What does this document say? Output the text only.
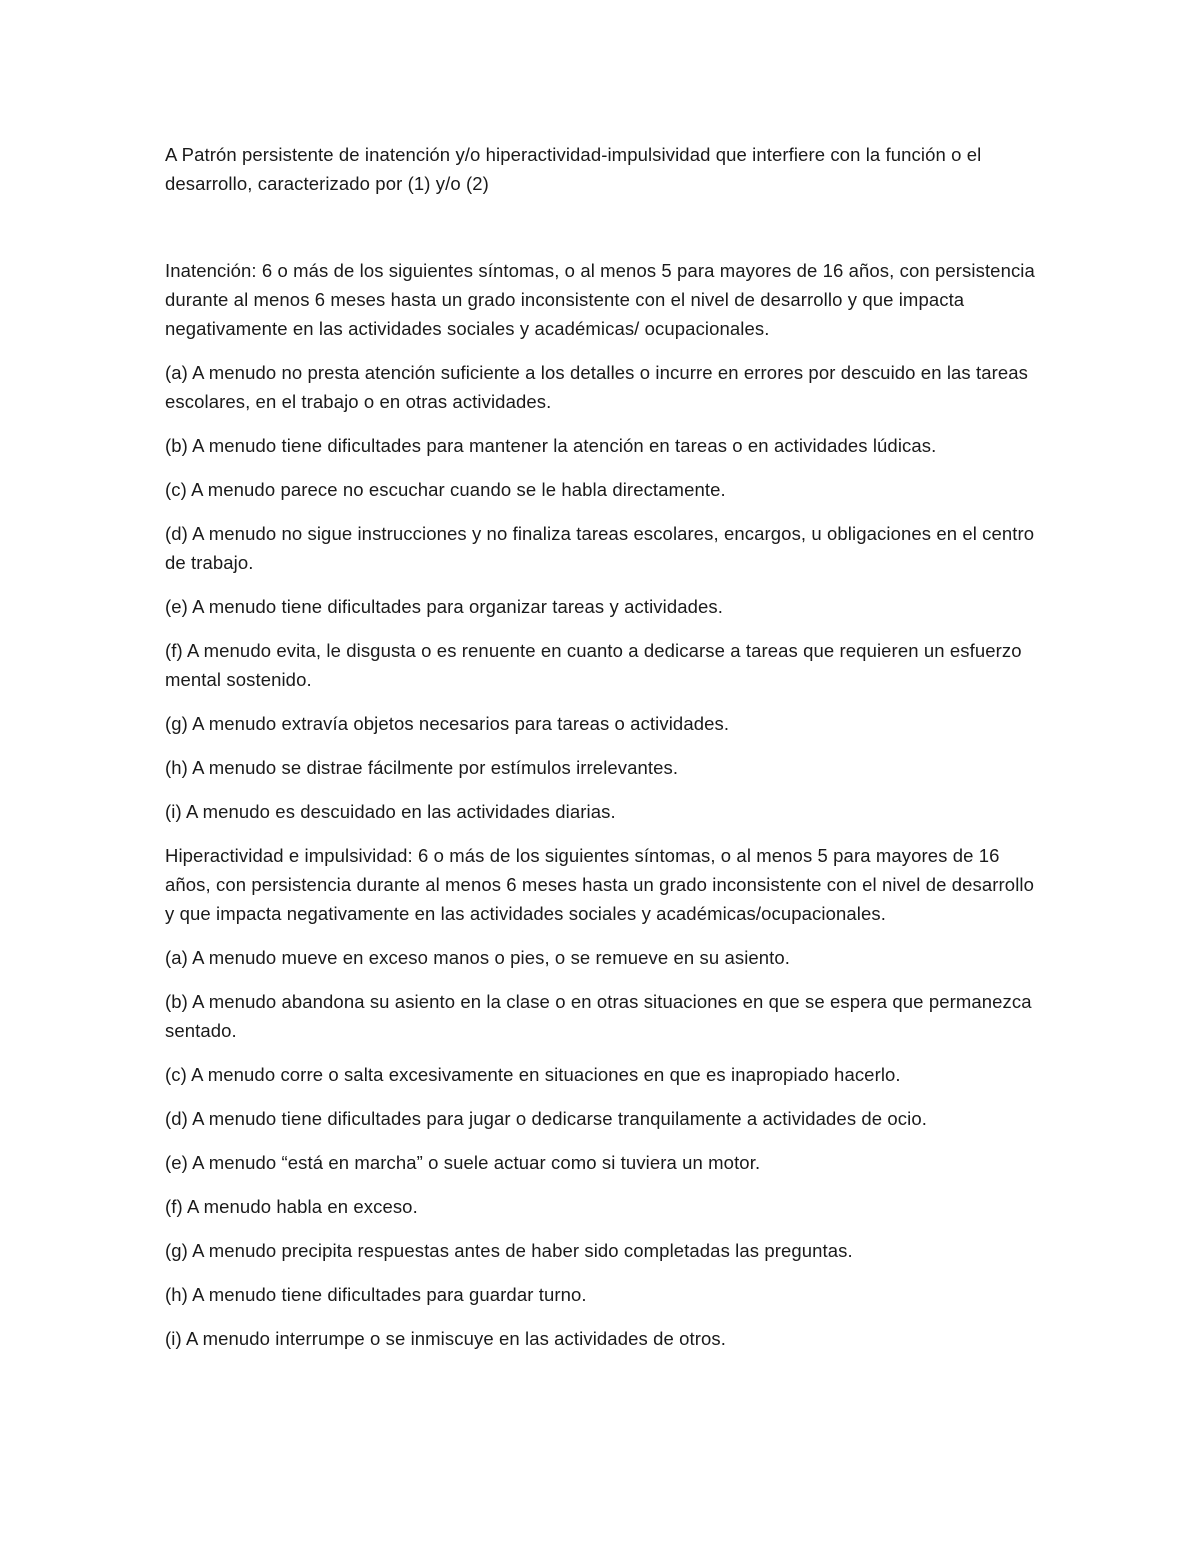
A Patrón persistente de inatención y/o hiperactividad-impulsividad que interfiere con la función o el desarrollo, caracterizado por (1) y/o (2)

Inatención: 6 o más de los siguientes síntomas, o al menos 5 para mayores de 16 años, con persistencia durante al menos 6 meses hasta un grado inconsistente con el nivel de desarrollo y que impacta negativamente en las actividades sociales y académicas/ ocupacionales.

(a) A menudo no presta atención suficiente a los detalles o incurre en errores por descuido en las tareas escolares, en el trabajo o en otras actividades.

(b) A menudo tiene dificultades para mantener la atención en tareas o en actividades lúdicas.

(c) A menudo parece no escuchar cuando se le habla directamente.

(d) A menudo no sigue instrucciones y no finaliza tareas escolares, encargos, u obligaciones en el centro de trabajo.

(e) A menudo tiene dificultades para organizar tareas y actividades.

(f) A menudo evita, le disgusta o es renuente en cuanto a dedicarse a tareas que requieren un esfuerzo mental sostenido.

(g) A menudo extravía objetos necesarios para tareas o actividades.

(h) A menudo se distrae fácilmente por estímulos irrelevantes.

(i) A menudo es descuidado en las actividades diarias.

Hiperactividad e impulsividad: 6 o más de los siguientes síntomas, o al menos 5 para mayores de 16 años, con persistencia durante al menos 6 meses hasta un grado inconsistente con el nivel de desarrollo y que impacta negativamente en las actividades sociales y académicas/ocupacionales.

(a) A menudo mueve en exceso manos o pies, o se remueve en su asiento.

(b) A menudo abandona su asiento en la clase o en otras situaciones en que se espera que permanezca sentado.

(c) A menudo corre o salta excesivamente en situaciones en que es inapropiado hacerlo.

(d) A menudo tiene dificultades para jugar o dedicarse tranquilamente a actividades de ocio.

(e) A menudo “está en marcha” o suele actuar como si tuviera un motor.

(f) A menudo habla en exceso.

(g) A menudo precipita respuestas antes de haber sido completadas las preguntas.

(h) A menudo tiene dificultades para guardar turno.

(i) A menudo interrumpe o se inmiscuye en las actividades de otros.
